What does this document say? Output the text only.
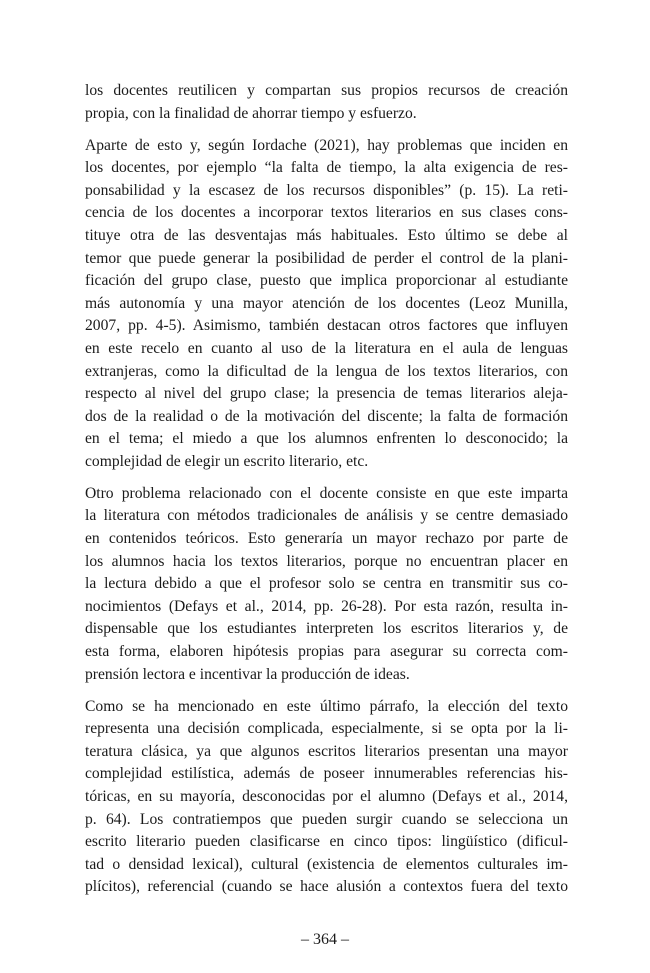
los docentes reutilicen y compartan sus propios recursos de creación
propia, con la finalidad de ahorrar tiempo y esfuerzo.
Aparte de esto y, según Iordache (2021), hay problemas que inciden en
los docentes, por ejemplo “la falta de tiempo, la alta exigencia de res-
ponsabilidad y la escasez de los recursos disponibles” (p. 15). La reti-
cencia de los docentes a incorporar textos literarios en sus clases cons-
tituye otra de las desventajas más habituales. Esto último se debe al
temor que puede generar la posibilidad de perder el control de la plani-
ficación del grupo clase, puesto que implica proporcionar al estudiante
más autonomía y una mayor atención de los docentes (Leoz Munilla,
2007, pp. 4-5). Asimismo, también destacan otros factores que influyen
en este recelo en cuanto al uso de la literatura en el aula de lenguas
extranjeras, como la dificultad de la lengua de los textos literarios, con
respecto al nivel del grupo clase; la presencia de temas literarios aleja-
dos de la realidad o de la motivación del discente; la falta de formación
en el tema; el miedo a que los alumnos enfrenten lo desconocido; la
complejidad de elegir un escrito literario, etc.
Otro problema relacionado con el docente consiste en que este imparta
la literatura con métodos tradicionales de análisis y se centre demasiado
en contenidos teóricos. Esto generaría un mayor rechazo por parte de
los alumnos hacia los textos literarios, porque no encuentran placer en
la lectura debido a que el profesor solo se centra en transmitir sus co-
nocimientos (Defays et al., 2014, pp. 26-28). Por esta razón, resulta in-
dispensable que los estudiantes interpreten los escritos literarios y, de
esta forma, elaboren hipótesis propias para asegurar su correcta com-
prensión lectora e incentivar la producción de ideas.
Como se ha mencionado en este último párrafo, la elección del texto
representa una decisión complicada, especialmente, si se opta por la li-
teratura clásica, ya que algunos escritos literarios presentan una mayor
complejidad estilística, además de poseer innumerables referencias his-
tóricas, en su mayoría, desconocidas por el alumno (Defays et al., 2014,
p. 64). Los contratiempos que pueden surgir cuando se selecciona un
escrito literario pueden clasificarse en cinco tipos: lingüístico (dificul-
tad o densidad lexical), cultural (existencia de elementos culturales im-
plícitos), referencial (cuando se hace alusión a contextos fuera del texto
– 364 –
